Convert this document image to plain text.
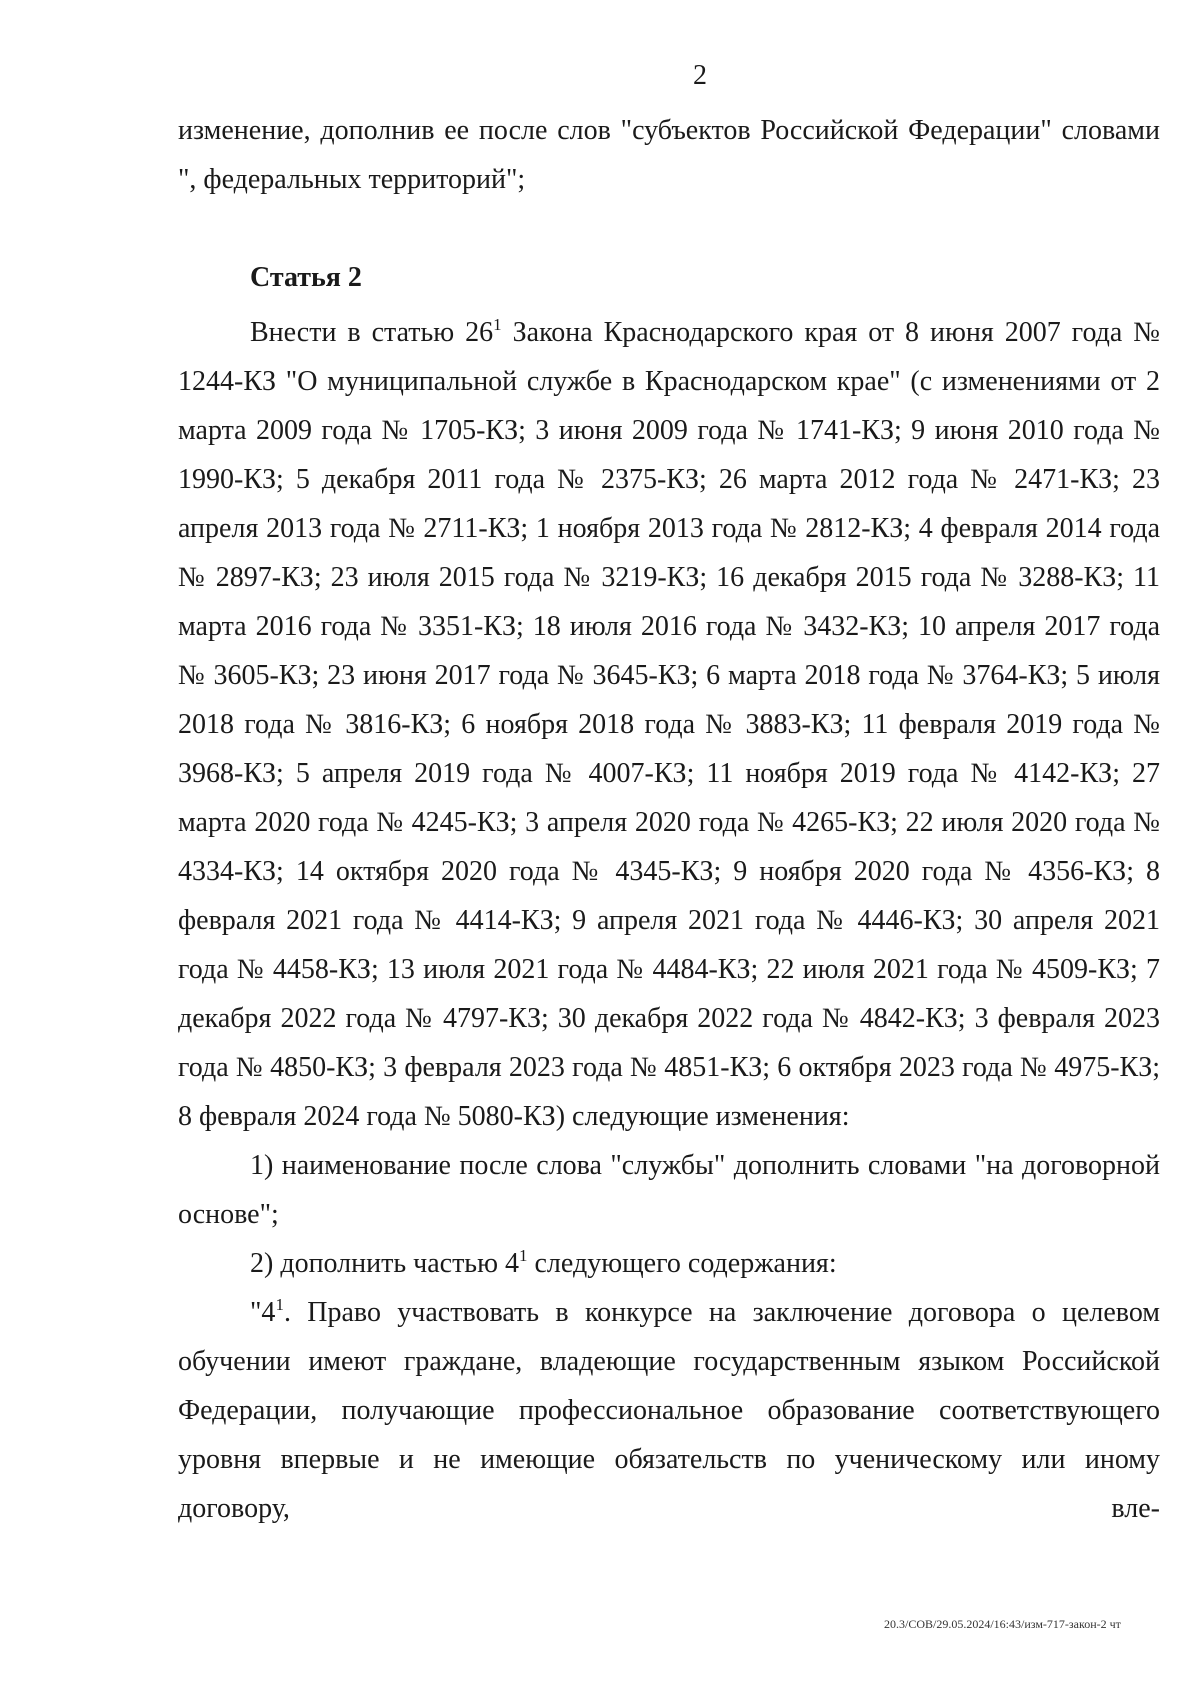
2

изменение, дополнив ее после слов "субъектов Российской Федерации" словами ", федеральных территорий";

Статья 2

Внести в статью $26^1$ Закона Краснодарского края от 8 июня 2007 года № 1244-КЗ "О муниципальной службе в Краснодарском крае" (с изменениями от 2 марта 2009 года № 1705-КЗ; 3 июня 2009 года № 1741-КЗ; 9 июня 2010 года № 1990-КЗ; 5 декабря 2011 года № 2375-КЗ; 26 марта 2012 года № 2471-КЗ; 23 апреля 2013 года № 2711-КЗ; 1 ноября 2013 года № 2812-КЗ; 4 февраля 2014 года № 2897-КЗ; 23 июля 2015 года № 3219-КЗ; 16 декабря 2015 года № 3288-КЗ; 11 марта 2016 года № 3351-КЗ; 18 июля 2016 года № 3432-КЗ; 10 апреля 2017 года № 3605-КЗ; 23 июня 2017 года № 3645-КЗ; 6 марта 2018 года № 3764-КЗ; 5 июля 2018 года № 3816-КЗ; 6 ноября 2018 года № 3883-КЗ; 11 февраля 2019 года № 3968-КЗ; 5 апреля 2019 года № 4007-КЗ; 11 ноября 2019 года № 4142-КЗ; 27 марта 2020 года № 4245-КЗ; 3 апреля 2020 года № 4265-КЗ; 22 июля 2020 года № 4334-КЗ; 14 октября 2020 года № 4345-КЗ; 9 ноября 2020 года № 4356-КЗ; 8 февраля 2021 года № 4414-КЗ; 9 апреля 2021 года № 4446-КЗ; 30 апреля 2021 года № 4458-КЗ; 13 июля 2021 года № 4484-КЗ; 22 июля 2021 года № 4509-КЗ; 7 декабря 2022 года № 4797-КЗ; 30 декабря 2022 года № 4842-КЗ; 3 февраля 2023 года № 4850-КЗ; 3 февраля 2023 года № 4851-КЗ; 6 октября 2023 года № 4975-КЗ; 8 февраля 2024 года № 5080-КЗ) следующие изменения:

1) наименование после слова "службы" дополнить словами "на договорной основе";

2) дополнить частью $4^1$ следующего содержания:

"$4^1$. Право участвовать в конкурсе на заключение договора о целевом обучении имеют граждане, владеющие государственным языком Российской Федерации, получающие профессиональное образование соответствующего уровня впервые и не имеющие обязательств по ученическому или иному договору, вле-

20.3/СОВ/29.05.2024/16:43/изм-717-закон-2 чт
